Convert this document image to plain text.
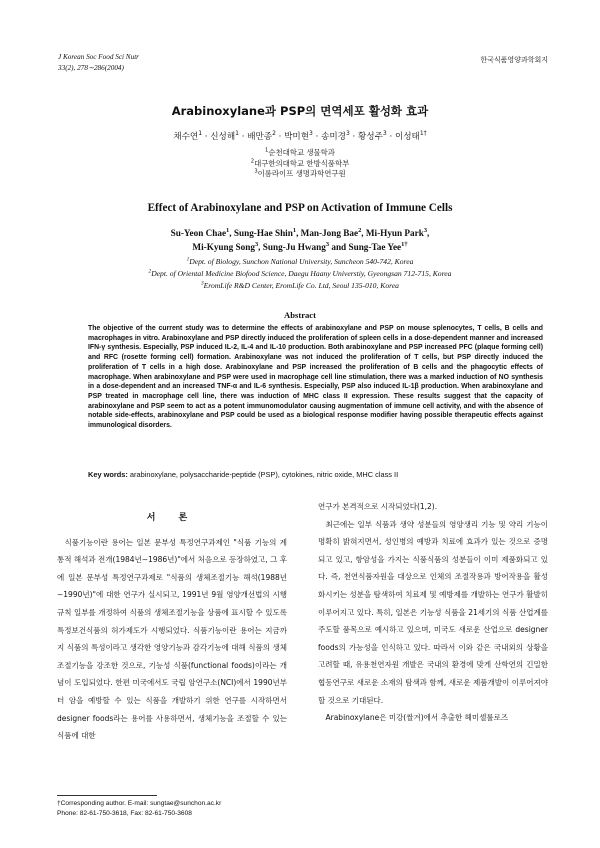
J Korean Soc Food Sci Nutr
33(2), 278∼286(2004)
한국식품영양과학회지
Arabinoxylane과 PSP의 면역세포 활성화 효과
채수연$^1$ · 신성해$^1$ · 배만종$^2$ · 박미현$^3$ · 송미경$^3$ · 황성주$^3$ · 이성태$^{1\dagger}$
$^1$순천대학교 생물학과
$^2$대구한의대학교 한방식품학부
$^3$이롬라이프 생명과학연구원
Effect of Arabinoxylane and PSP on Activation of Immune Cells
Su-Yeon Chae$^1$, Sung-Hae Shin$^1$, Man-Jong Bae$^2$, Mi-Hyun Park$^3$,
Mi-Kyung Song$^3$, Sung-Ju Hwang$^3$ and Sung-Tae Yee$^{1\dagger}$
$^1$Dept. of Biology, Sunchon National University, Suncheon 540-742, Korea
$^2$Dept. of Oriental Medicine Biofood Science, Daegu Haany Universtiy, Gyeongsan 712-715, Korea
$^3$EromLife R&D Center, EromLife Co. Ltd, Seoul 135-010, Korea
Abstract
The objective of the current study was to determine the effects of arabinoxylane and PSP on mouse splenocytes, T cells, B cells and macrophages in vitro. Arabinoxylane and PSP directly induced the proliferation of spleen cells in a dose-dependent manner and increased IFN-γ synthesis. Especially, PSP induced IL-2, IL-4 and IL-10 production. Both arabinoxylane and PSP increased PFC (plaque forming cell) and RFC (rosette forming cell) formation. Arabinoxylane was not induced the proliferation of T cells, but PSP directly induced the proliferation of T cells in a high dose. Arabinoxylane and PSP increased the proliferation of B cells and the phagocytic effects of macrophage. When arabinoxylane and PSP were used in macrophage cell line stimulation, there was a marked induction of NO synthesis in a dose-dependent and an increased TNF-α and IL-6 synthesis. Especially, PSP also induced IL-1β production. When arabinoxylane and PSP treated in macrophage cell line, there was induction of MHC class II expression. These results suggest that the capacity of arabinoxylane and PSP seem to act as a potent immunomodulator causing augmentation of immune cell activity, and with the absence of notable side-effects, arabinoxylane and PSP could be used as a biological response modifier having possible therapeutic effects against immunological disorders.
Key words: arabinoxylane, polysaccharide-peptide (PSP), cytokines, nitric oxide, MHC class II
서 론

식품기능이란 용어는 일본 문부성 특정연구과제인 "식품 기능의 계통적 해석과 전개(1984년∼1986년)"에서 처음으로 등장하였고, 그 후에 일본 문부성 특정연구과제로 "식품의 생체조절기능 해석(1988년∼1990년)"에 대한 연구가 실시되고, 1991년 9월 영양개선법의 시행규칙 일부를 개정하여 식품의 생체조절기능을 상품에 표시할 수 있도록 특정보건식품의 허가제도가 시행되었다. 식품기능이란 용어는 지금까지 식품의 특성이라고 생각한 영양기능과 감각기능에 대해 식품의 생체조절기능을 강조한 것으로, 기능성 식품(functional foods)이라는 개념이 도입되었다. 한편 미국에서도 국립 암연구소(NCI)에서 1990년부터 암을 예방할 수 있는 식품을 개발하기 위한 연구를 시작하면서 designer foods라는 용어를 사용하면서, 생체기능을 조절할 수 있는 식품에 대한

연구가 본격적으로 시작되었다(1,2).

최근에는 일부 식품과 생약 성분들의 영양생리 기능 및 약리 기능이 명확히 밝혀지면서, 성인병의 예방과 치료에 효과가 있는 것으로 증명되고 있고, 항암성을 가지는 식품식품의 성분들이 이미 제품화되고 있다. 즉, 천연식품자원을 대상으로 인체의 조절작용과 방어작용을 활성화시키는 성분을 탐색하여 치료제 및 예방제를 개발하는 연구가 활발히 이루어지고 있다. 특히, 일본은 기능성 식품을 21세기의 식품 산업계를 주도할 품목으로 예시하고 있으며, 미국도 새로운 산업으로 designer foods의 가능성을 인식하고 있다. 따라서 이와 같은 국내외의 상황을 고려할 때, 유용천연자원 개발은 국내의 환경에 맞게 산학연의 긴밀한 협동연구로 새로운 소재의 탐색과 함께, 새로운 제품개발이 이루어져야 할 것으로 기대된다.

Arabinoxylane은 미강(쌀겨)에서 추출한 헤미셀룰로즈

†Corresponding author. E-mail: sungtae@sunchon.ac.kr
Phone: 82-61-750-3618, Fax: 82-61-750-3608
